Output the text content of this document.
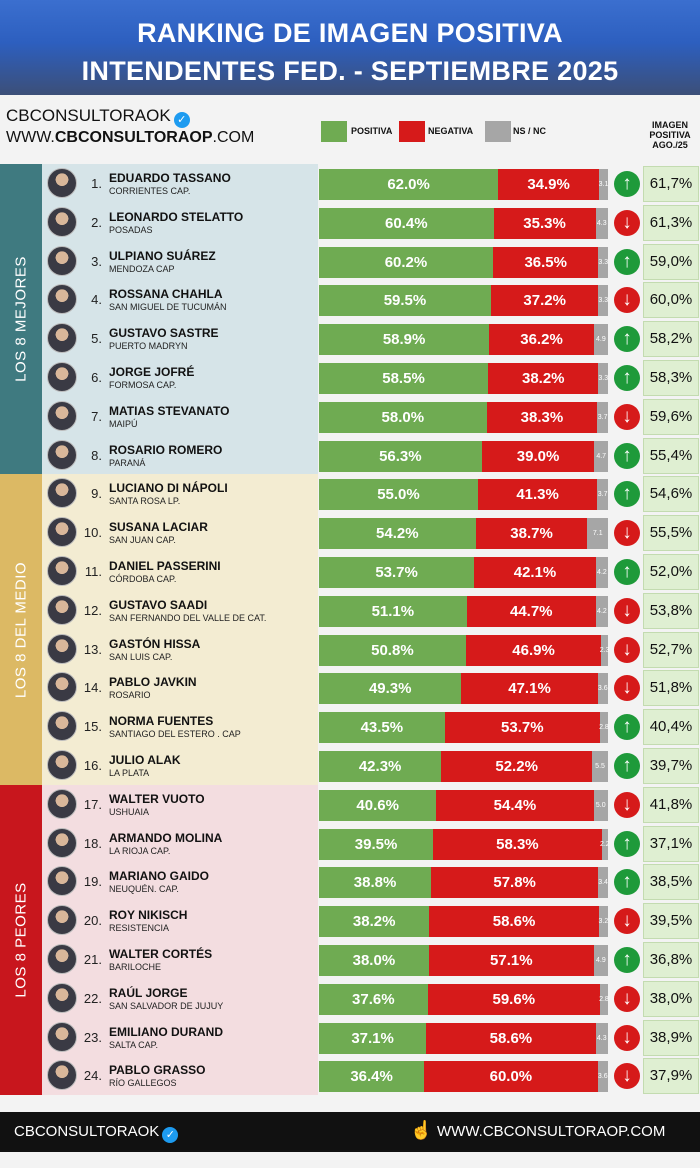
RANKING DE IMAGEN POSITIVA
INTENDENTES FED. - SEPTIEMBRE 2025
CBCONSULTORAOK ✓
WWW.CBCONSULTORAOP.COM	POSITIVA	NEGATIVA	NS / NC
IMAGEN
POSITIVA
AGO./25
LOS 8 MEJORES
LOS 8 DEL MEDIO
LOS 8 PEORES
1. EDUARDO TASSANO
CORRIENTES CAP.	62.0%	34.9%	3.1 ↑	61,7%
2. LEONARDO STELATTO
POSADAS	60.4%	35.3%	4.3 ↓	61,3%
3. ULPIANO SUÁREZ
MENDOZA CAP	60.2%	36.5%	3.3 ↑	59,0%
4. ROSSANA CHAHLA
SAN MIGUEL DE TUCUMÁN	59.5%	37.2%	3.3 ↓	60,0%
5. GUSTAVO SASTRE
PUERTO MADRYN	58.9%	36.2%	4.9 ↑	58,2%
6. JORGE JOFRÉ
FORMOSA CAP.	58.5%	38.2%	3.3 ↑	58,3%
7. MATIAS STEVANATO
MAIPÚ	58.0%	38.3%	3.7 ↓	59,6%
8. ROSARIO ROMERO
PARANÁ	56.3%	39.0%	4.7 ↑	55,4%
9. LUCIANO DI NÁPOLI
SANTA ROSA LP.	55.0%	41.3%	3.7 ↑	54,6%
10. SUSANA LACIAR
SAN JUAN CAP.	54.2%	38.7%	7.1	↓	55,5%
11. DANIEL PASSERINI
CÓRDOBA CAP.	53.7%	42.1%	4.2 ↑	52,0%
12. GUSTAVO SAADI
SAN FERNANDO DEL VALLE DE CAT.	51.1%	44.7%	4.2 ↓	53,8%
13. GASTÓN HISSA
SAN LUIS CAP.	50.8%	46.9%	2.3 ↓	52,7%
14. PABLO JAVKIN
ROSARIO	49.3%	47.1%	3.6 ↓	51,8%
15. NORMA FUENTES
SANTIAGO DEL ESTERO . CAP	43.5%	53.7%	2.8 ↑	40,4%
16. JULIO ALAK
LA PLATA	42.3%	52.2%	5.5 ↑	39,7%
17. WALTER VUOTO
USHUAIA	40.6%	54.4%	5.0 ↓	41,8%
18. ARMANDO MOLINA
LA RIOJA CAP.	39.5%	58.3%	2.2 ↑	37,1%
19. MARIANO GAIDO
NEUQUÉN. CAP.	38.8%	57.8%	3.4 ↑	38,5%
20. ROY NIKISCH
RESISTENCIA	38.2%	58.6%	3.2 ↓	39,5%
21. WALTER CORTÉS
BARILOCHE	38.0%	57.1%	4.9 ↑	36,8%
22. RAÚL JORGE
SAN SALVADOR DE JUJUY	37.6%	59.6%	2.8 ↓	38,0%
23. EMILIANO DURAND
SALTA CAP.	37.1%	58.6%	4.3 ↓	38,9%
24. PABLO GRASSO
RÍO GALLEGOS	36.4%	60.0%	3.6 ↓	37,9%
CBCONSULTORAOK ✓	☝ WWW.CBCONSULTORAOP.COM
